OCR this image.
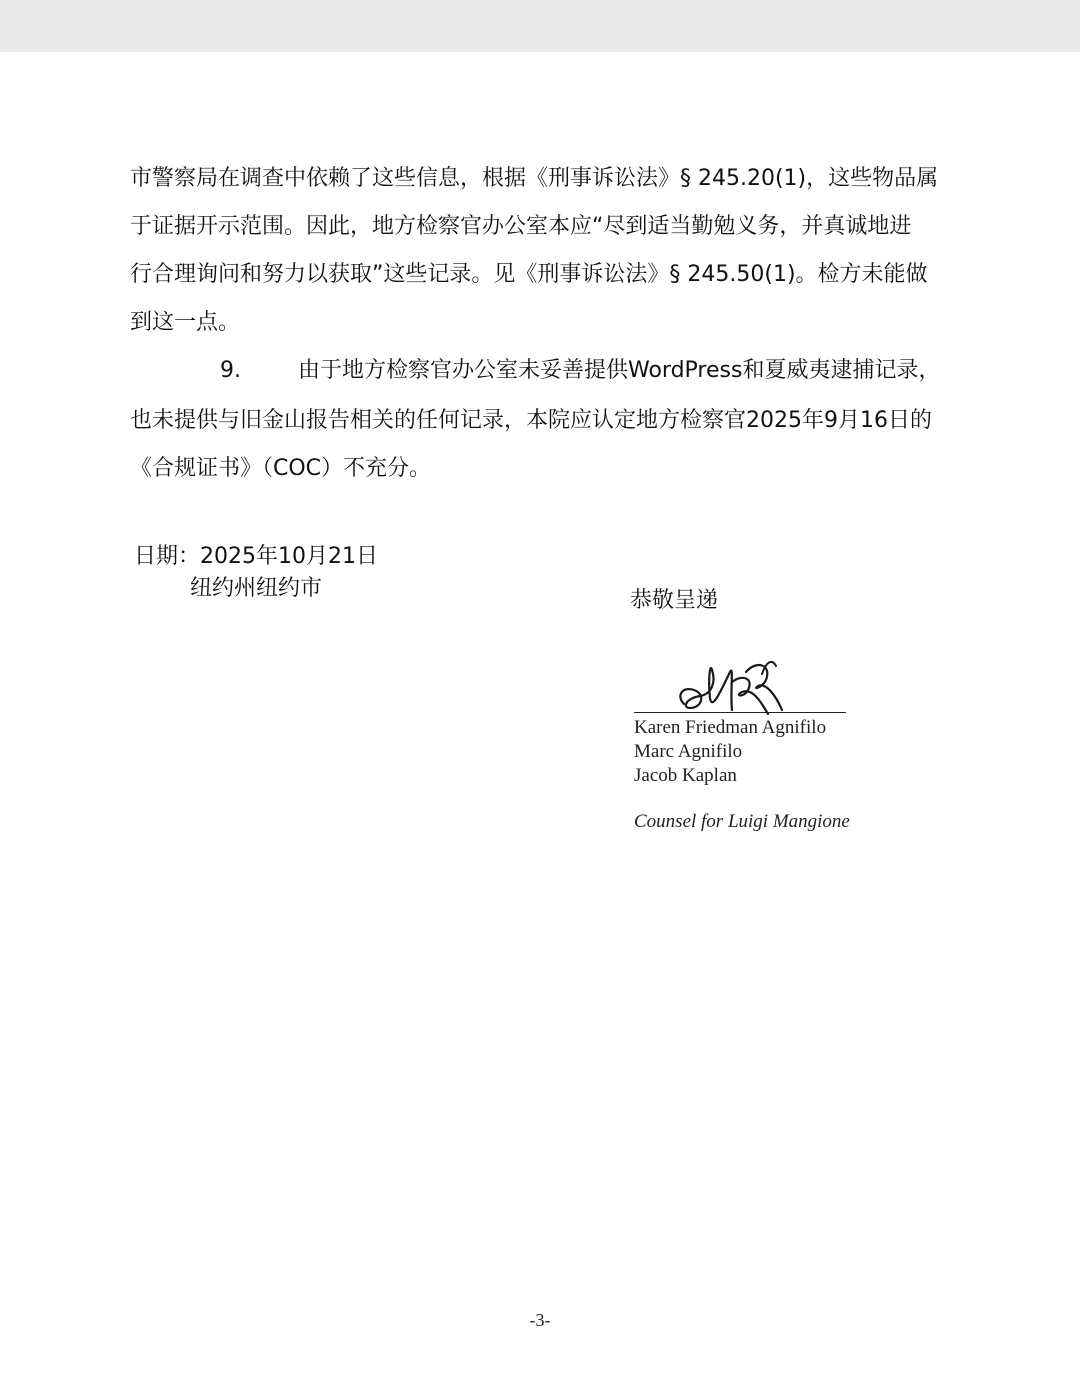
市警察局在调查中依赖了这些信息，根据《刑事诉讼法》§ 245.20(1)，这些物品属
于证据开示范围。因此，地方检察官办公室本应“尽到适当勤勉义务，并真诚地进
行合理询问和努力以获取”这些记录。见《刑事诉讼法》§ 245.50(1)。检方未能做
到这一点。
9.	由于地方检察官办公室未妥善提供WordPress和夏威夷逮捕记录，
也未提供与旧金山报告相关的任何记录，本院应认定地方检察官2025年9月16日的
《合规证书》（COC）不充分。
日期：2025年10月21日
纽约州纽约市	恭敬呈递
Karen Friedman Agnifilo
Marc Agnifilo
Jacob Kaplan
Counsel for Luigi Mangione
-3-
